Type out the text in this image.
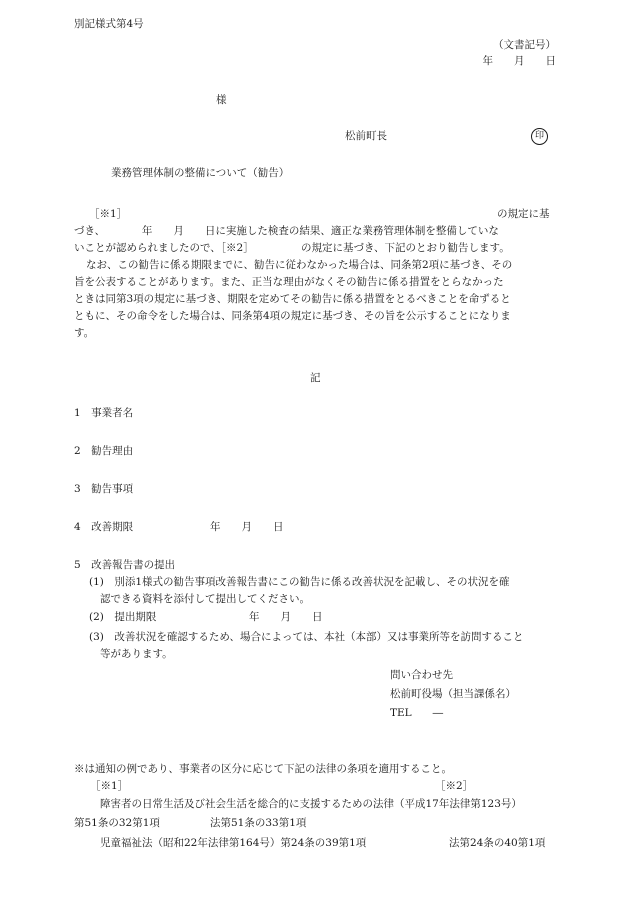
別記様式第4号
（文書記号）
年　　月　　日
様
松前町長	印
業務管理体制の整備について（勧告）
［※1］	の規定に基
づき、　　　　年　　月　　日に実施した検査の結果、適正な業務管理体制を整備していな
いことが認められましたので、［※2］　　　　　の規定に基づき、下記のとおり勧告します。
なお、この勧告に係る期限までに、勧告に従わなかった場合は、同条第2項に基づき、その
旨を公表することがあります。また、正当な理由がなくその勧告に係る措置をとらなかった
ときは同第3項の規定に基づき、期限を定めてその勧告に係る措置をとるべきことを命ずると
ともに、その命令をした場合は、同条第4項の規定に基づき、その旨を公示することになりま
す。
記
1　事業者名
2　勧告理由
3　勧告事項
4　改善期限	年　　月　　日
5　改善報告書の提出
(1)　別添1様式の勧告事項改善報告書にこの勧告に係る改善状況を記載し、その状況を確
認できる資料を添付して提出してください。
(2)　提出期限	年　　月　　日
(3)　改善状況を確認するため、場合によっては、本社（本部）又は事業所等を訪問すること
等があります。
問い合わせ先
松前町役場（担当課係名）
TEL　　―
※は通知の例であり、事業者の区分に応じて下記の法律の条項を適用すること。
［※1］	［※2］
障害者の日常生活及び社会生活を総合的に支援するための法律（平成17年法律第123号）
第51条の32第1項	法第51条の33第1項
児童福祉法（昭和22年法律第164号）第24条の39第1項	法第24条の40第1項
